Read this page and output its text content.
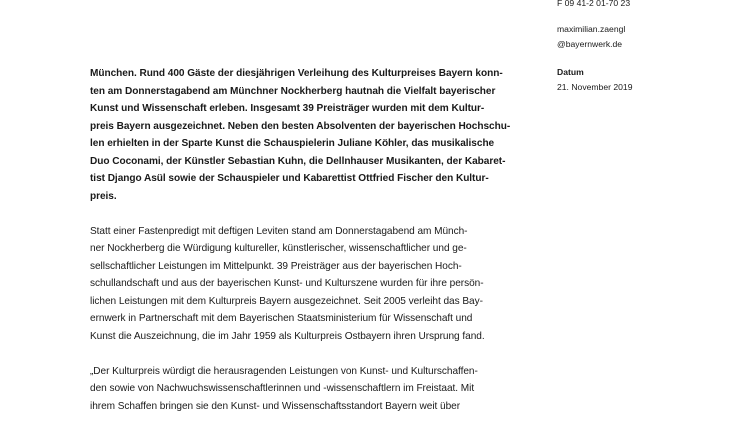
F 09 41-2 01-70 23
maximilian.zaengl
@bayernwerk.de
Datum
21. November 2019
München. Rund 400 Gäste der diesjährigen Verleihung des Kulturpreises Bayern konn-
ten am Donnerstagabend am Münchner Nockherberg hautnah die Vielfalt bayerischer
Kunst und Wissenschaft erleben. Insgesamt 39 Preisträger wurden mit dem Kultur-
preis Bayern ausgezeichnet. Neben den besten Absolventen der bayerischen Hochschu-
len erhielten in der Sparte Kunst die Schauspielerin Juliane Köhler, das musikalische
Duo Coconami, der Künstler Sebastian Kuhn, die Dellnhauser Musikanten, der Kabaret-
tist Django Asül sowie der Schauspieler und Kabarettist Ottfried Fischer den Kultur-
preis.
Statt einer Fastenpredigt mit deftigen Leviten stand am Donnerstagabend am Münch-
ner Nockherberg die Würdigung kultureller, künstlerischer, wissenschaftlicher und ge-
sellschaftlicher Leistungen im Mittelpunkt. 39 Preisträger aus der bayerischen Hoch-
schullandschaft und aus der bayerischen Kunst- und Kulturszene wurden für ihre persön-
lichen Leistungen mit dem Kulturpreis Bayern ausgezeichnet. Seit 2005 verleiht das Bay-
ernwerk in Partnerschaft mit dem Bayerischen Staatsministerium für Wissenschaft und
Kunst die Auszeichnung, die im Jahr 1959 als Kulturpreis Ostbayern ihren Ursprung fand.
„Der Kulturpreis würdigt die herausragenden Leistungen von Kunst- und Kulturschaffen-
den sowie von Nachwuchswissenschaftlerinnen und -wissenschaftlern im Freistaat. Mit
ihrem Schaffen bringen sie den Kunst- und Wissenschaftsstandort Bayern weit über
